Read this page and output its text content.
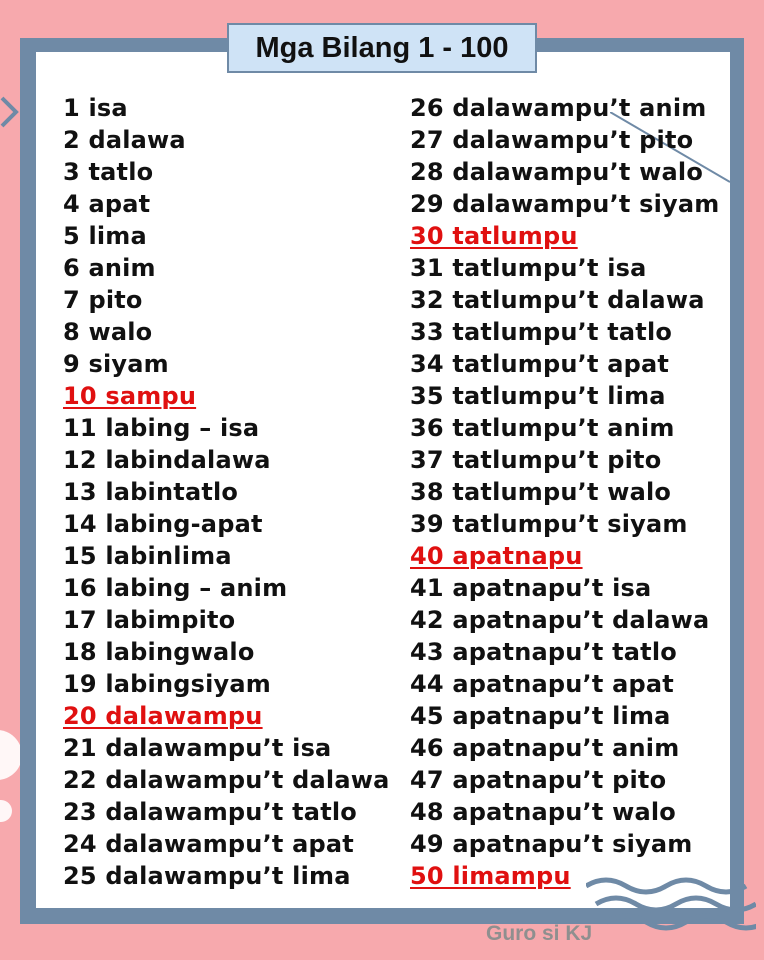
Mga Bilang 1 - 100
1 isa
2 dalawa
3 tatlo
4 apat
5 lima
6 anim
7 pito
8 walo
9 siyam
10 sampu
11 labing – isa
12 labindalawa
13 labintatlo
14 labing-apat
15 labinlima
16 labing – anim
17 labimpito
18 labingwalo
19 labingsiyam
20 dalawampu
21 dalawampu’t isa
22 dalawampu’t dalawa
23 dalawampu’t tatlo
24 dalawampu’t apat
25 dalawampu’t lima
26 dalawampu’t anim
27 dalawampu’t pito
28 dalawampu’t walo
29 dalawampu’t siyam
30 tatlumpu
31 tatlumpu’t isa
32 tatlumpu’t dalawa
33 tatlumpu’t tatlo
34 tatlumpu’t apat
35 tatlumpu’t lima
36 tatlumpu’t anim
37 tatlumpu’t pito
38 tatlumpu’t walo
39 tatlumpu’t siyam
40 apatnapu
41 apatnapu’t isa
42 apatnapu’t dalawa
43 apatnapu’t tatlo
44 apatnapu’t apat
45 apatnapu’t lima
46 apatnapu’t anim
47 apatnapu’t pito
48 apatnapu’t walo
49 apatnapu’t siyam
50 limampu
Guro si KJ
